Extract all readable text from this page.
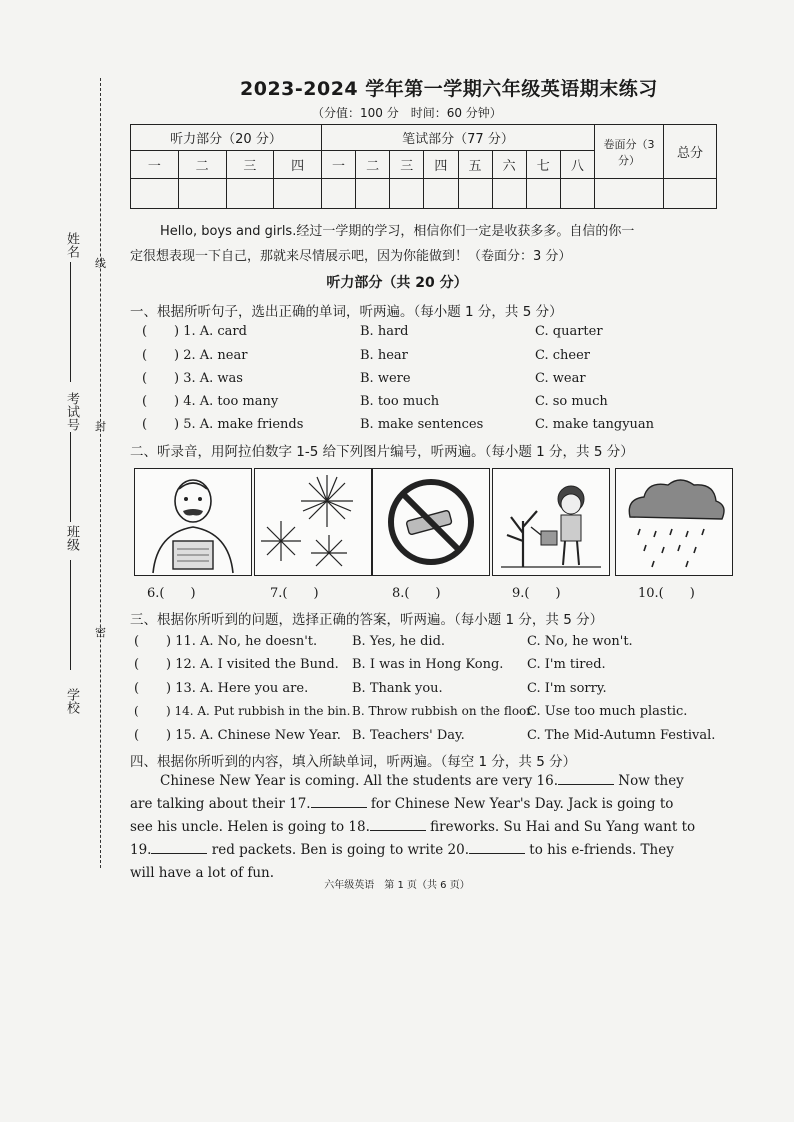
线
封
密
姓名
考试号
班级
学校
2023-2024 学年第一学期六年级英语期末练习
（分值：100 分　时间：60 分钟）
听力部分（20 分）				笔试部分（77 分）								卷面分（3 分）	总分
一	二	三	四	一	二	三	四	五	六	七	八		

Hello, boys and girls.经过一学期的学习，相信你们一定是收获多多。自信的你一
定很想表现一下自己，那就来尽情展示吧，因为你能做到！（卷面分：3 分）
听力部分（共 20 分）
一、根据所听句子，选出正确的单词，听两遍。（每小题 1 分，共 5 分）
( ) 1. A. card	B. hard	C. quarter
( ) 2. A. near	B. hear	C. cheer
( ) 3. A. was	B. were	C. wear
( ) 4. A. too many	B. too much	C. so much
( ) 5. A. make friends	B. make sentences	C. make tangyuan
二、听录音，用阿拉伯数字 1-5 给下列图片编号，听两遍。（每小题 1 分，共 5 分）
6.(　　)	7.(　　)	8.(　　)	9.(　　)	10.(　　)
三、根据你所听到的问题，选择正确的答案，听两遍。（每小题 1 分，共 5 分）
( ) 11. A. No, he doesn't.	B. Yes, he did.	C. No, he won't.
( ) 12. A. I visited the Bund. B. I was in Hong Kong. C. I'm tired.
( ) 13. A. Here you are.	B. Thank you.	C. I'm sorry.
( ) 14. A. Put rubbish in the bin. B. Throw rubbish on the floor.
C. Use too much plastic.
( ) 15. A. Chinese New Year. B. Teachers' Day.	C. The Mid-Autumn Festival.
四、根据你所听到的内容，填入所缺单词，听两遍。（每空 1 分，共 5 分）
Chinese New Year is coming. All the students are very 16.	Now they are talking about their 17.	for Chinese New Year's Day. Jack is going to see his uncle. Helen is going to 18.	fireworks. Su Hai and Su Yang want to 19.	red packets. Ben is going to write 20.	to his e-friends. They will have a lot of fun.
六年级英语　第 1 页（共 6 页）
